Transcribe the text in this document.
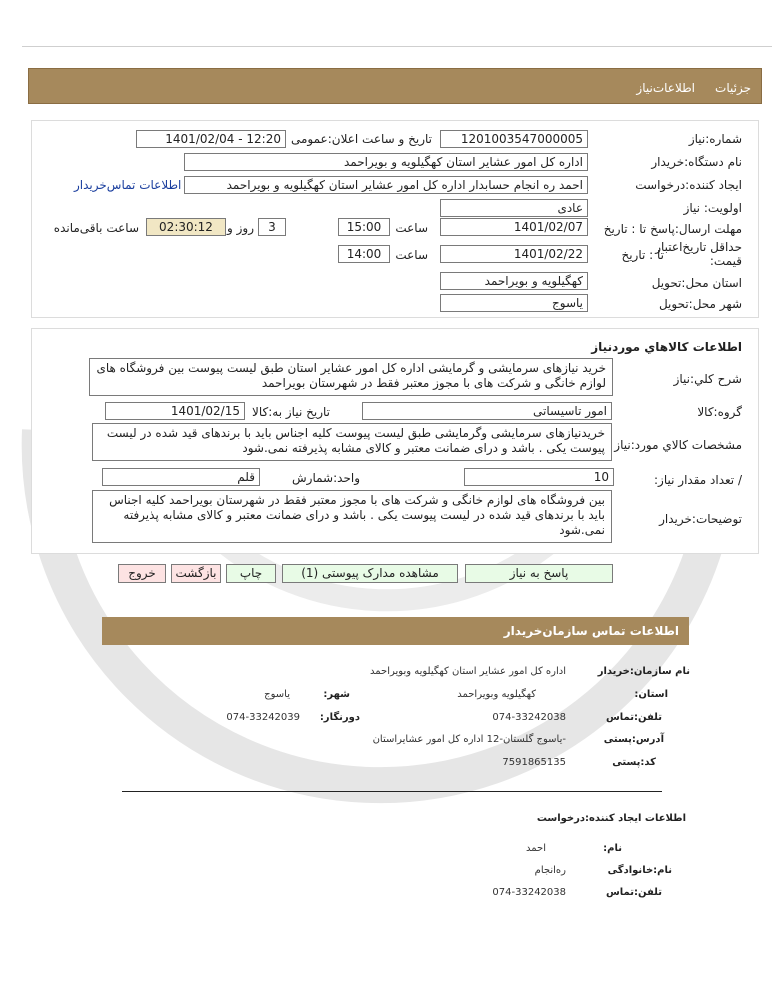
جزئیات
اطلاعات‌نیاز
شماره:نیاز
1201003547000005
تاریخ و ساعت اعلان:عمومی
1401/02/04 - 12:20
نام دستگاه:خریدار
اداره کل امور عشایر استان کهگیلویه و بویراحمد
ایجاد کننده:درخواست
احمد ره انجام حسابدار اداره کل امور عشایر استان کهگیلویه و بویراحمد
اطلاعات تماس‌خریدار
اولویت: نیاز
عادی
مهلت ارسال:پاسخ تا : تاریخ
1401/02/07
ساعت
15:00
3
روز و
02:30:12
ساعت باقی‌مانده
حداقل تاریخ‌اعتبار
قیمت:
تا : تاریخ
1401/02/22
ساعت
14:00
استان محل:تحویل
کهگیلویه و بویراحمد
شهر محل:تحویل
یاسوج
اطلاعات كالاهاي موردنياز
شرح كلي:نياز
خرید نیازهای سرمایشی و گرمایشی اداره کل امور عشایر استان طبق لیست پیوست بین فروشگاه های لوازم خانگی و شرکت های با مجوز معتبر فقط در شهرستان بویراحمد
گروه:كالا
امور تاسیساتی
تاریخ نیاز به:کالا
1401/02/15
مشخصات كالاي مورد:نياز
خریدنیازهای سرمایشی وگرمایشی طبق لیست پیوست کلیه اجناس باید با برندهای قید شده در لیست پیوست یکی . باشد و درای ضمانت معتبر و کالای مشابه پذیرفته نمی.شود
/ تعداد مقدار نياز:
10
واحد:شمارش
قلم
توضيحات:خريدار
بین فروشگاه های لوازم خانگی و شرکت های با مجوز معتبر فقط در شهرستان بویراحمد کلیه اجناس باید با برندهای قید شده در لیست پیوست یکی . باشد و درای ضمانت معتبر و کالای مشابه پذیرفته نمی.شود
پاسخ به نیاز
مشاهده مدارک پیوستی (1)
چاپ
بازگشت
خروج
اطلاعات تماس سازمان‌خریدار
نام سازمان:خریدار
اداره کل امور عشایر استان کهگیلویه وبویراحمد
استان:
کهگیلویه وبویراحمد
شهر:
یاسوج
تلفن:تماس
074-33242038
دورنگار:
074-33242039
آدرس:پستی
-یاسوج گلستان-12 اداره کل امور عشایراستان
کد:پستی
7591865135
اطلاعات ایجاد کننده:درخواست
نام:
احمد
نام:خانوادگی
ره‌انجام
تلفن:تماس
074-33242038
